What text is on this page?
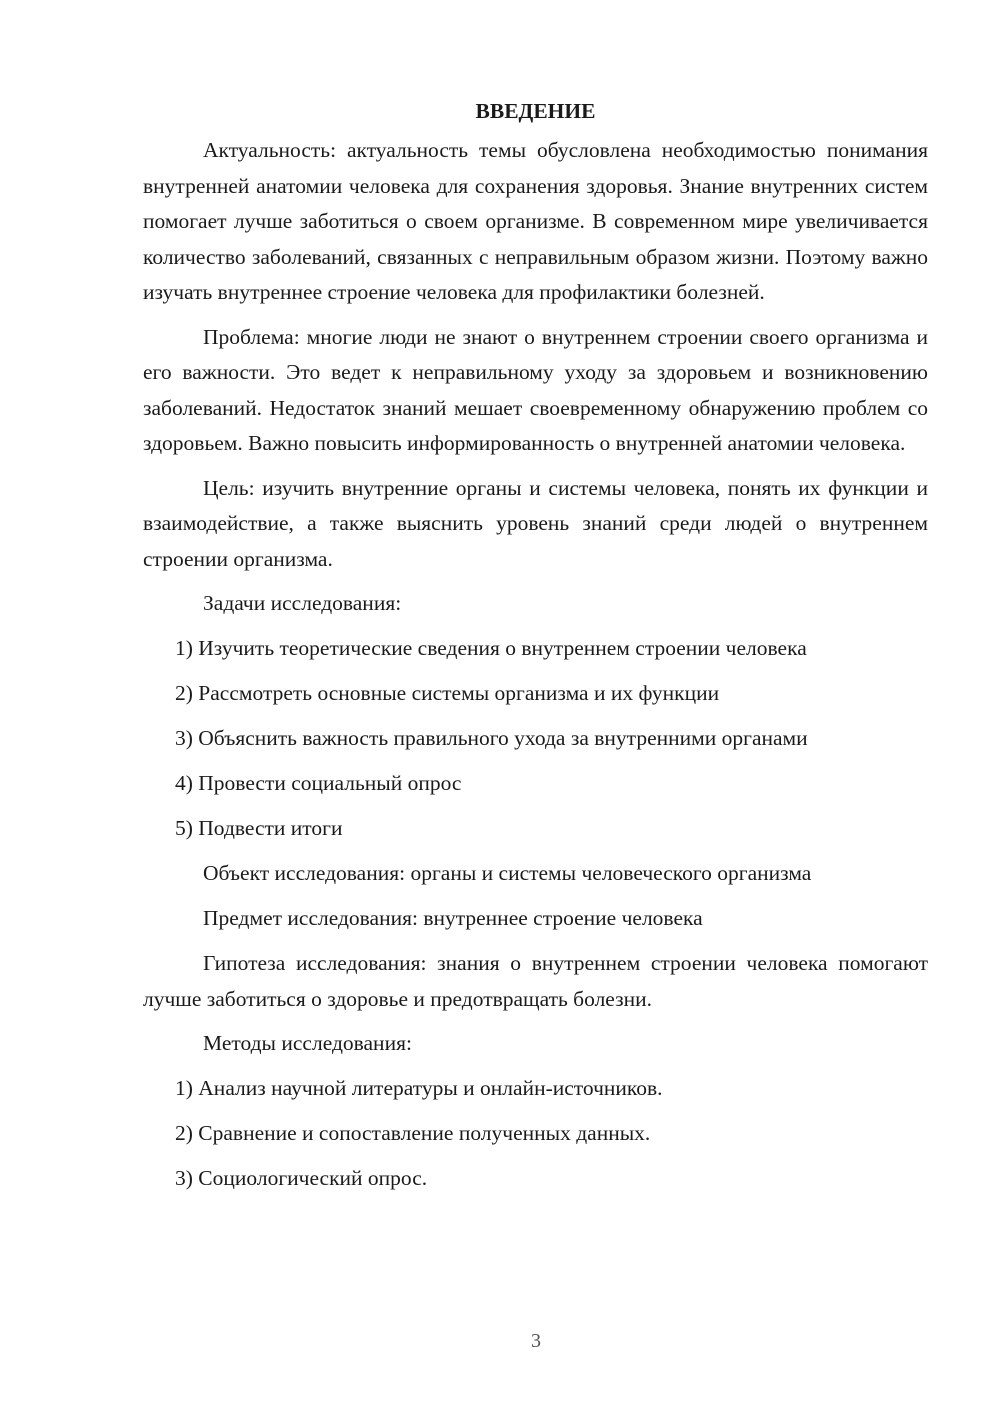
ВВЕДЕНИЕ

Актуальность: актуальность темы обусловлена необходимостью понимания внутренней анатомии человека для сохранения здоровья. Знание внутренних систем помогает лучше заботиться о своем организме. В современном мире увеличивается количество заболеваний, связанных с неправильным образом жизни. Поэтому важно изучать внутреннее строение человека для профилактики болезней.

Проблема: многие люди не знают о внутреннем строении своего организма и его важности. Это ведет к неправильному уходу за здоровьем и возникновению заболеваний. Недостаток знаний мешает своевременному обнаружению проблем со здоровьем. Важно повысить информированность о внутренней анатомии человека.

Цель: изучить внутренние органы и системы человека, понять их функции и взаимодействие, а также выяснить уровень знаний среди людей о внутреннем строении организма.

Задачи исследования:
1) Изучить теоретические сведения о внутреннем строении человека
2) Рассмотреть основные системы организма и их функции
3) Объяснить важность правильного ухода за внутренними органами
4) Провести социальный опрос
5) Подвести итоги
Объект исследования: органы и системы человеческого организма
Предмет исследования: внутреннее строение человека

Гипотеза исследования: знания о внутреннем строении человека помогают лучше заботиться о здоровье и предотвращать болезни.

Методы исследования:
1) Анализ научной литературы и онлайн-источников.
2) Сравнение и сопоставление полученных данных.
3) Социологический опрос.
3
